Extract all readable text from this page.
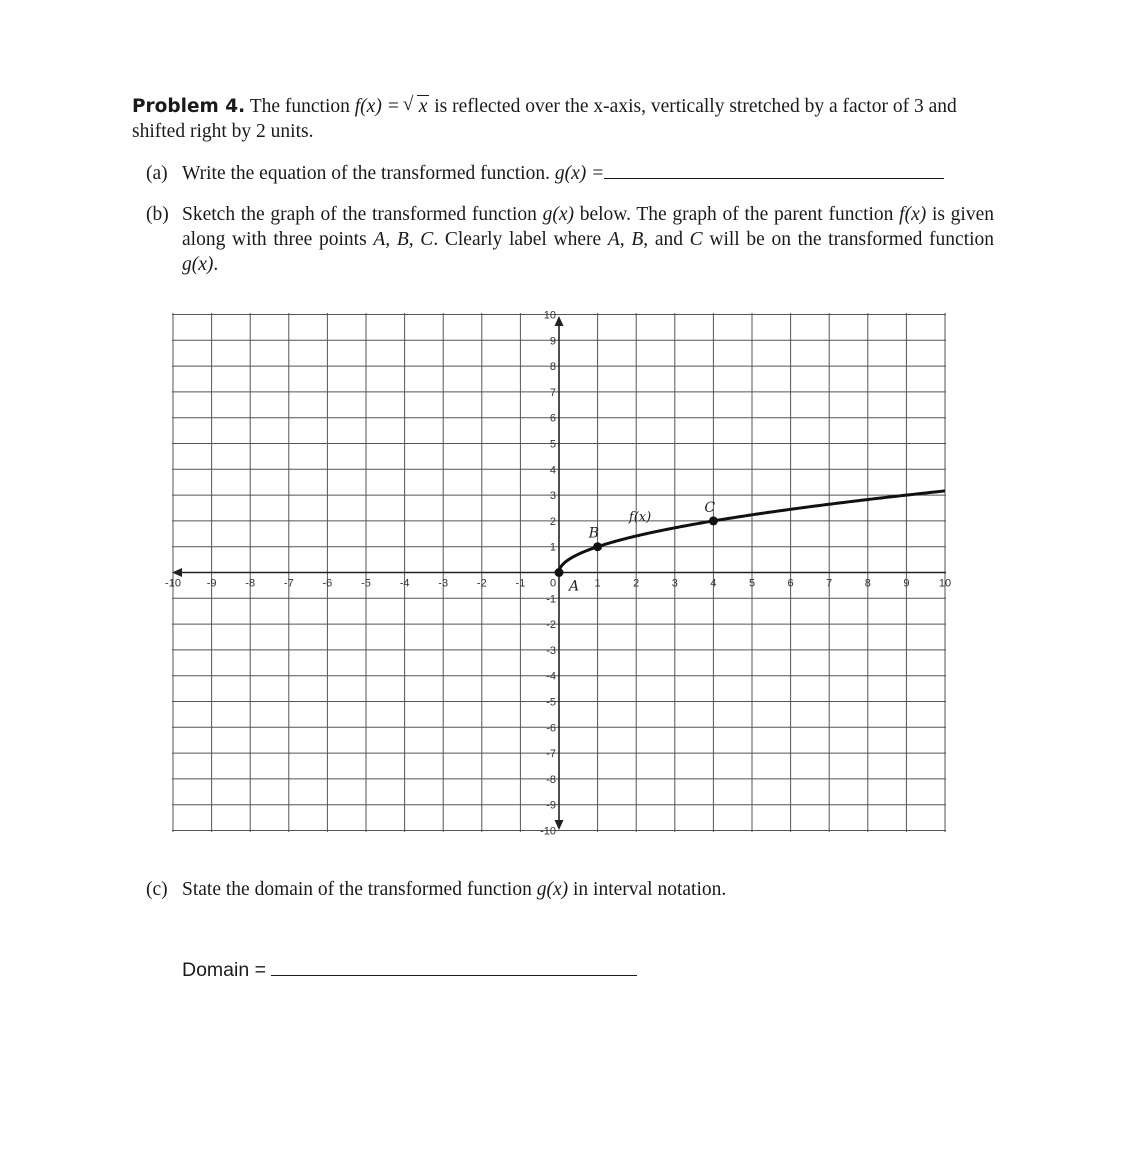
Problem 4. The function f(x) = √ x is reflected over the x-axis, vertically stretched by a factor of 3 and shifted right by 2 units.
(a) Write the equation of the transformed function. g(x) =
(b) Sketch the graph of the transformed function g(x) below. The graph of the parent function f(x) is given along with three points A, B, C. Clearly label where A, B, and C will be on the transformed function g(x).
-10 -9	-8	-7	-6	-5	-4	-3	-2	-1 0	1	2	3	4	5	6	7	8	9	10
10
9
8
7
6
5
4
3
2
1
-1
-2
-3
-4
-5
-6
-7
-8
-9
-10
f(x)
A
B
C
(c) State the domain of the transformed function g(x) in interval notation.
Domain =
